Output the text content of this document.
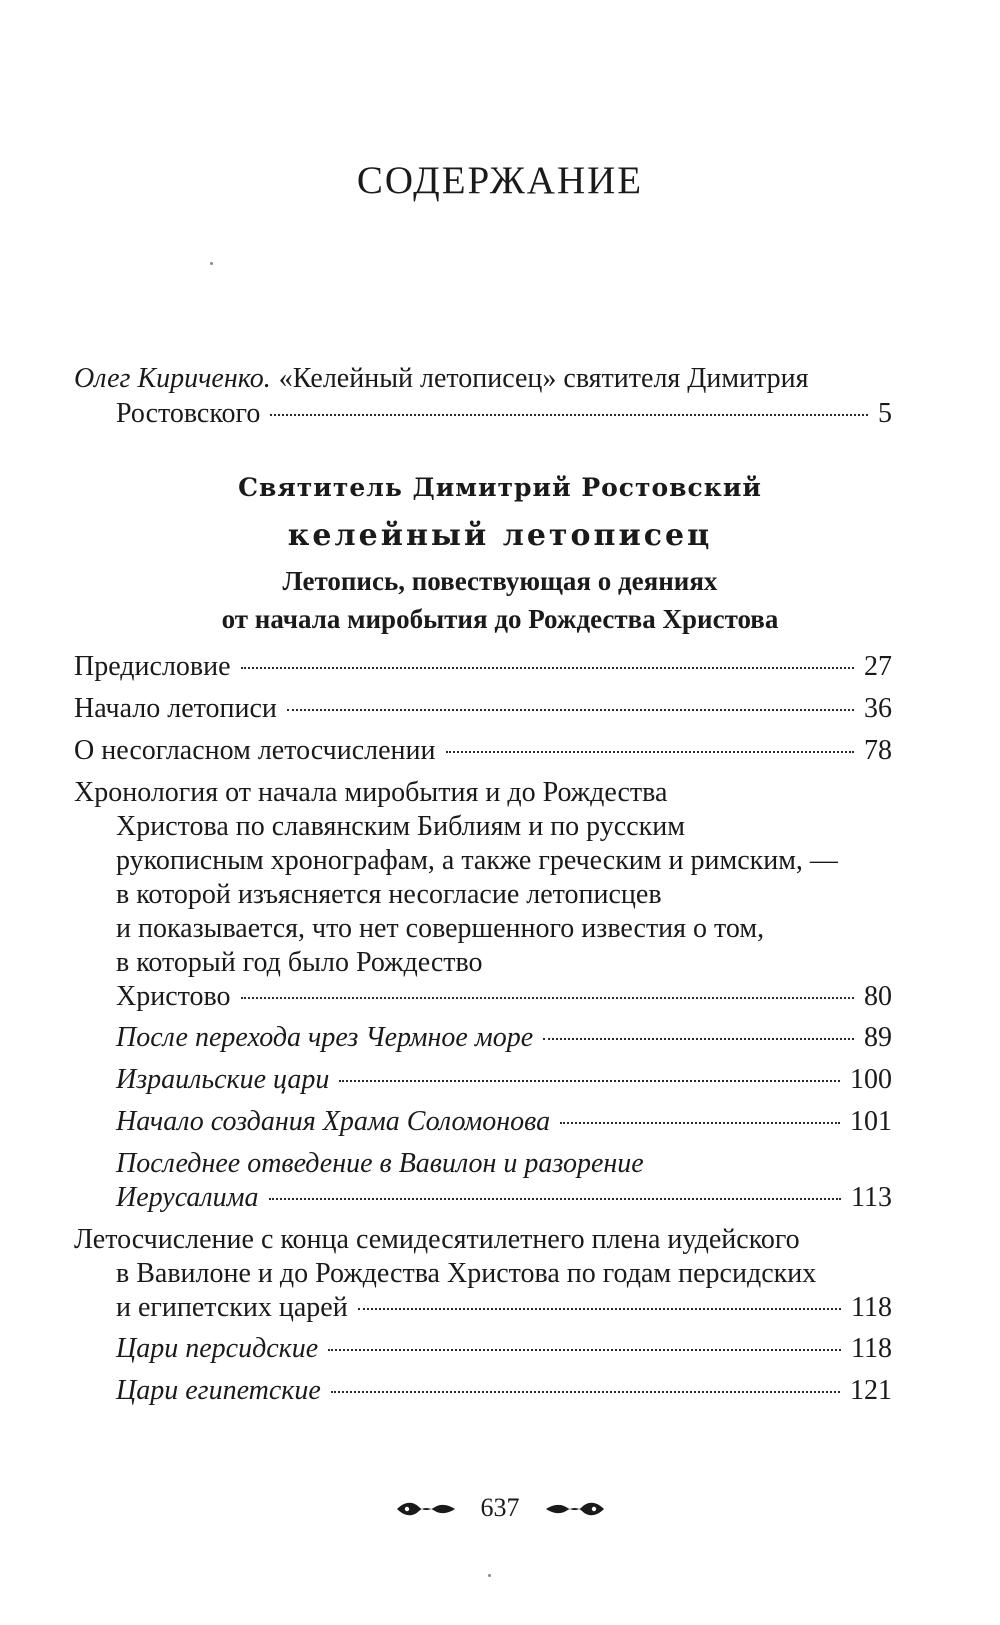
СОДЕРЖАНИЕ
Олег Кириченко. «Келейный летописец» святителя Димитрия
Ростовского	5
Святитель Димитрий Ростовский
келейный летописец
Летопись, повествующая о деяниях
от начала миробытия до Рождества Христова
Предисловие	27
Начало летописи	36
О несогласном летосчислении	78
Хронология от начала миробытия и до Рождества
Христова по славянским Библиям и по русским
рукописным хронографам, а также греческим и римским, —
в которой изъясняется несогласие летописцев
и показывается, что нет совершенного известия о том,
в который год было Рождество
Христово	80
После перехода чрез Чермное море	89
Израильские цари	100
Начало создания Храма Соломонова	101
Последнее отведение в Вавилон и разорение
Иерусалима	113
Летосчисление с конца семидесятилетнего плена иудейского
в Вавилоне и до Рождества Христова по годам персидских
и египетских царей	118
Цари персидские	118
Цари египетские	121
637
